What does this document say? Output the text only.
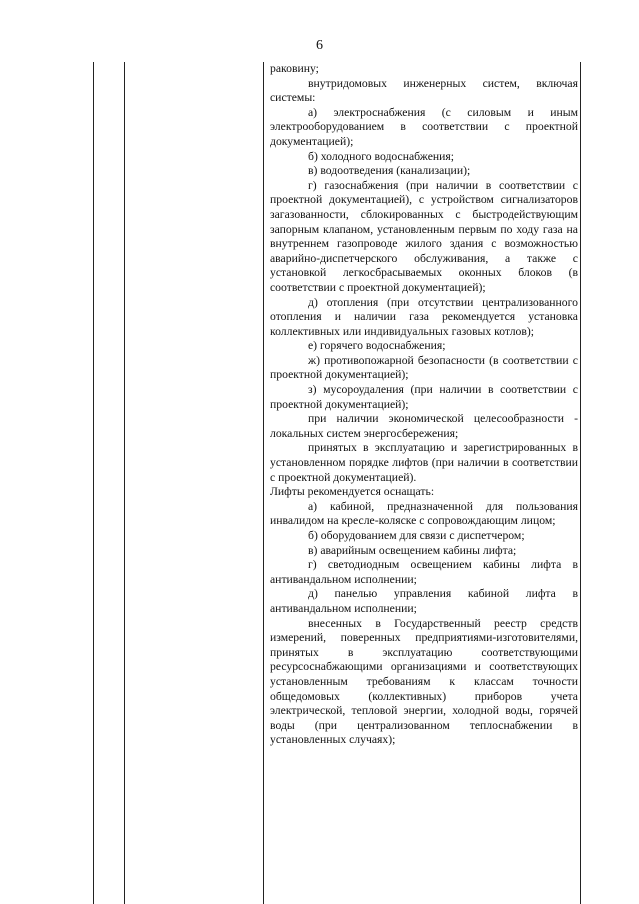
6

раковину;

внутридомовых инженерных систем, включая системы:

а) электроснабжения (с силовым и иным электрооборудованием в соответствии с проектной документацией);

б) холодного водоснабжения;

в) водоотведения (канализации);

г) газоснабжения (при наличии в соответствии с проектной документацией), с устройством сигнализаторов загазованности, сблокированных с быстродействующим запорным клапаном, установленным первым по ходу газа на внутреннем газопроводе жилого здания с возможностью аварийно-диспетчерского обслуживания, а также с установкой легкосбрасываемых оконных блоков (в соответствии с проектной документацией);

д) отопления (при отсутствии централизованного отопления и наличии газа рекомендуется установка коллективных или индивидуальных газовых котлов);

е) горячего водоснабжения;

ж) противопожарной безопасности (в соответствии с проектной документацией);

з) мусороудаления (при наличии в соответствии с проектной документацией);

при наличии экономической целесообразности - локальных систем энергосбережения;

принятых в эксплуатацию и зарегистрированных в установленном порядке лифтов (при наличии в соответствии с проектной документацией).

Лифты рекомендуется оснащать:

а) кабиной, предназначенной для пользования инвалидом на кресле-коляске с сопровождающим лицом;

б) оборудованием для связи с диспетчером;

в) аварийным освещением кабины лифта;

г) светодиодным освещением кабины лифта в антивандальном исполнении;

д) панелью управления кабиной лифта в антивандальном исполнении;

внесенных в Государственный реестр средств измерений, поверенных предприятиями-изготовителями, принятых в эксплуатацию соответствующими ресурсоснабжающими организациями и соответствующих установленным требованиям к классам точности общедомовых (коллективных) приборов учета электрической, тепловой энергии, холодной воды, горячей воды (при централизованном теплоснабжении в установленных случаях);
